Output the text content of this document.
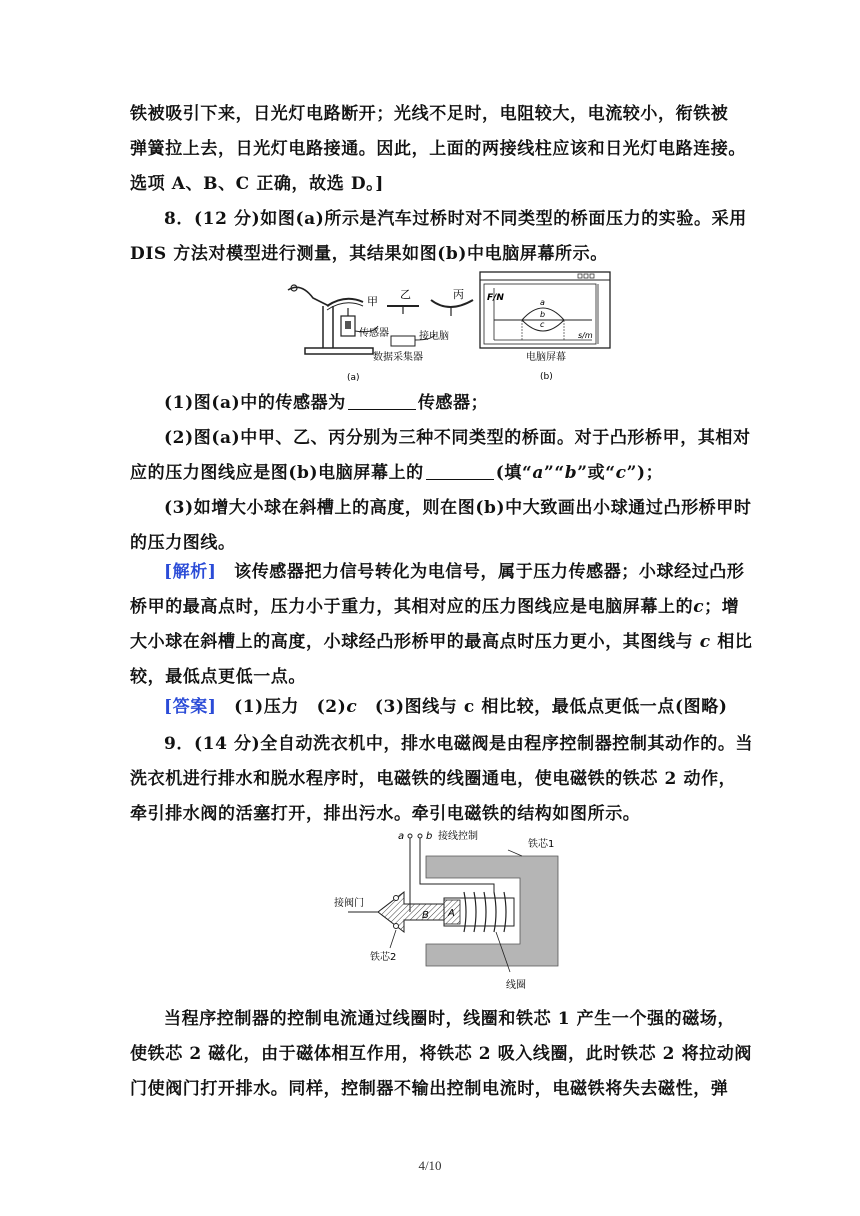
铁被吸引下来，日光灯电路断开；光线不足时，电阻较大，电流较小，衔铁被
弹簧拉上去，日光灯电路接通。因此，上面的两接线柱应该和日光灯电路连接。
选项 A、B、C 正确，故选 D。]
8．(12 分)如图(a)所示是汽车过桥时对不同类型的桥面压力的实验。采用
DIS 方法对模型进行测量，其结果如图(b)中电脑屏幕所示。
甲
乙	丙
传感器	接电脑
数据采集器
(a)
F/N	a
b
c
s/m
电脑屏幕
(b)
(1)图(a)中的传感器为	传感器；
(2)图(a)中甲、乙、丙分别为三种不同类型的桥面。对于凸形桥甲，其相对
应的压力图线应是图(b)电脑屏幕上的	(填“a”“b”或“c”)；
(3)如增大小球在斜槽上的高度，则在图(b)中大致画出小球通过凸形桥甲时
的压力图线。
[解析]　 该传感器把力信号转化为电信号，属于压力传感器；小球经过凸形
桥甲的最高点时，压力小于重力，其相对应的压力图线应是电脑屏幕上的c；增
大小球在斜槽上的高度，小球经凸形桥甲的最高点时压力更小，其图线与 c 相比
较，最低点更低一点。
[答案]　 (1)压力　(2)c　(3)图线与 c 相比较，最低点更低一点(图略)
9．(14 分)全自动洗衣机中，排水电磁阀是由程序控制器控制其动作的。当
洗衣机进行排水和脱水程序时，电磁铁的线圈通电，使电磁铁的铁芯 2 动作，
牵引排水阀的活塞打开，排出污水。牵引电磁铁的结构如图所示。
a b 接线控制
铁芯1
接阀门
B A
铁芯2
线圈
当程序控制器的控制电流通过线圈时，线圈和铁芯 1 产生一个强的磁场，
使铁芯 2 磁化，由于磁体相互作用，将铁芯 2 吸入线圈，此时铁芯 2 将拉动阀
门使阀门打开排水。同样，控制器不输出控制电流时，电磁铁将失去磁性，弹
4/10
